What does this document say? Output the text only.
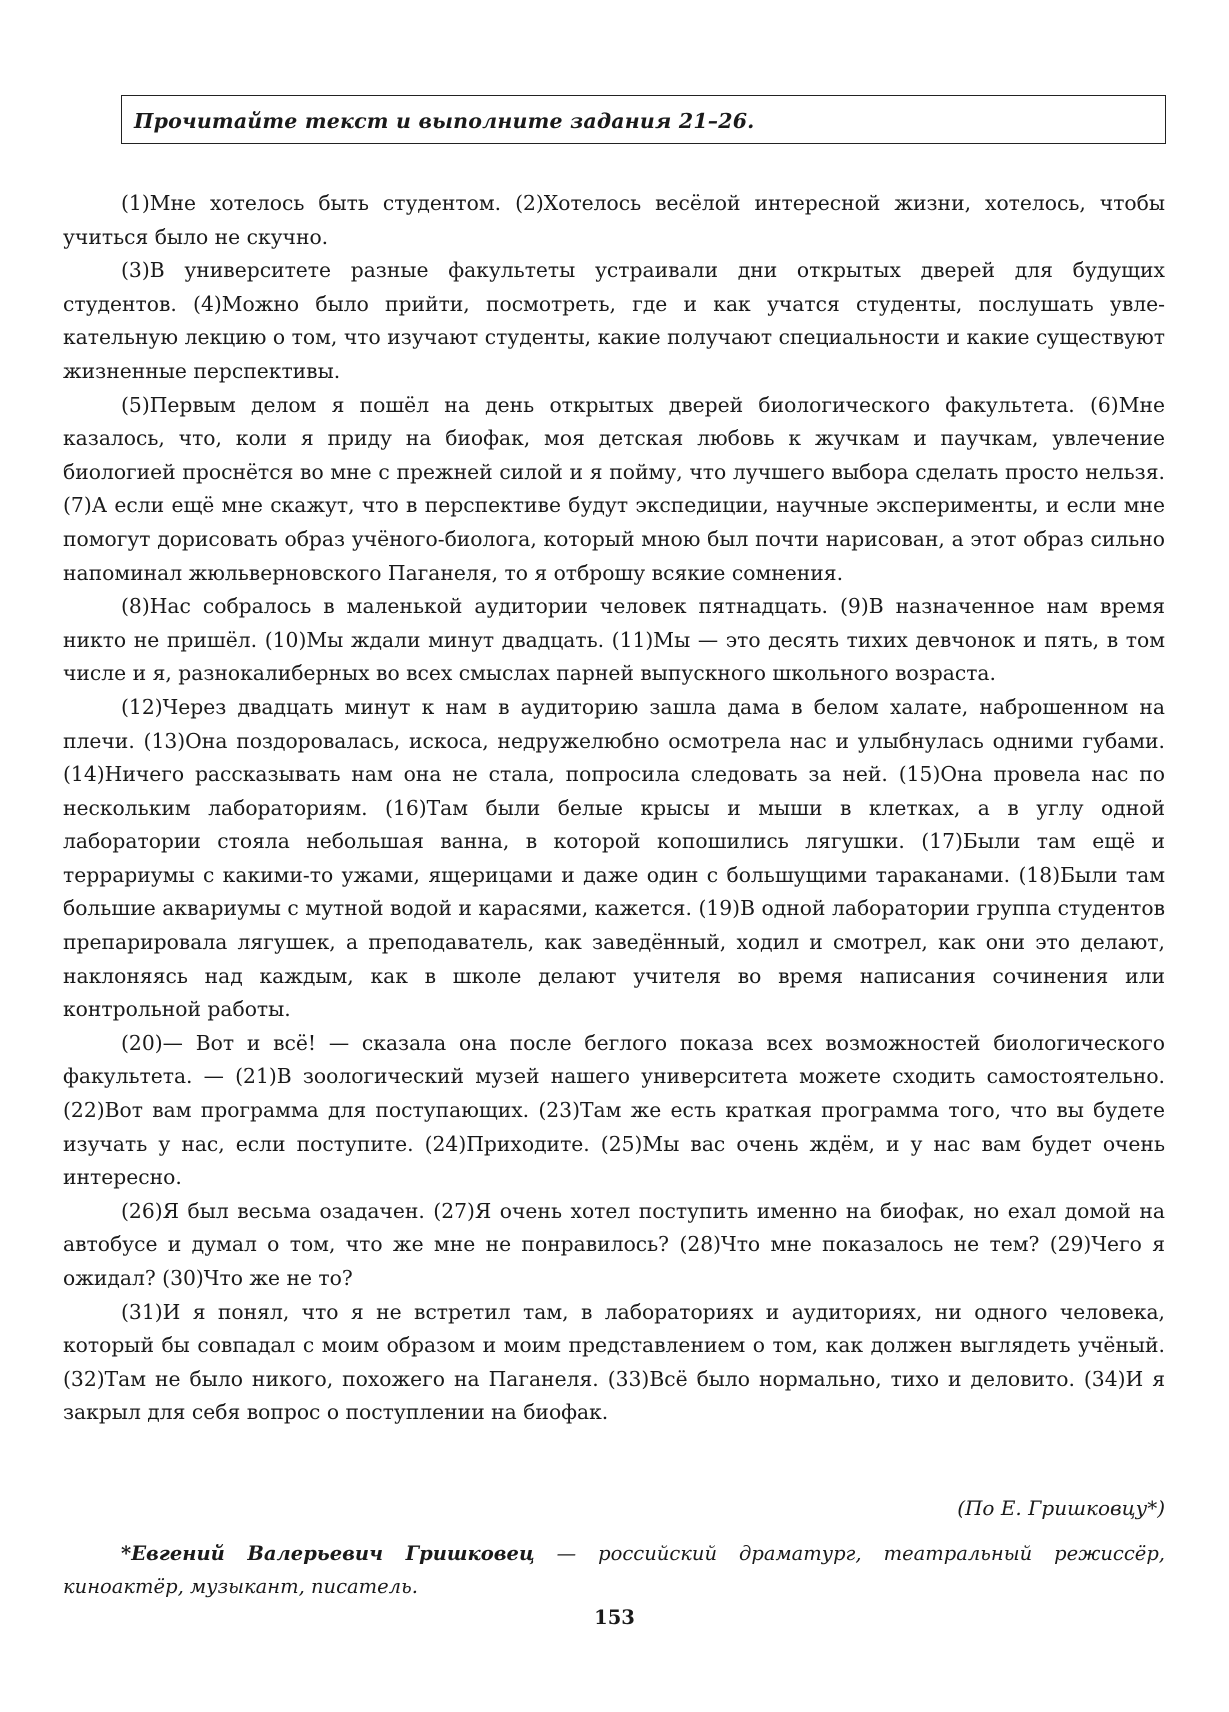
Прочитайте текст и выполните задания 21–26.

(1)Мне хотелось быть студентом. (2)Хотелось весёлой интересной жизни, хотелось, чтобы учиться было не скучно.

(3)В университете разные факультеты устраивали дни открытых дверей для будущих студентов. (4)Можно было прийти, посмотреть, где и как учатся студенты, послушать увлекательную лекцию о том, что изучают студенты, какие получают специальности и какие существуют жизненные перспективы.

(5)Первым делом я пошёл на день открытых дверей биологического факультета. (6)Мне казалось, что, коли я приду на биофак, моя детская любовь к жучкам и паучкам, увлечение биологией проснётся во мне с прежней силой и я пойму, что лучшего выбора сделать просто нельзя. (7)А если ещё мне скажут, что в перспективе будут экспедиции, научные эксперименты, и если мне помогут дорисовать образ учёного-биолога, который мною был почти нарисован, а этот образ сильно напоминал жюльверновского Паганеля, то я отброшу всякие сомнения.

(8)Нас собралось в маленькой аудитории человек пятнадцать. (9)В назначенное нам время никто не пришёл. (10)Мы ждали минут двадцать. (11)Мы — это десять тихих девчонок и пять, в том числе и я, разнокалиберных во всех смыслах парней выпускного школьного возраста.

(12)Через двадцать минут к нам в аудиторию зашла дама в белом халате, наброшенном на плечи. (13)Она поздоровалась, искоса, недружелюбно осмотрела нас и улыбнулась одними губами. (14)Ничего рассказывать нам она не стала, попросила следовать за ней. (15)Она провела нас по нескольким лабораториям. (16)Там были белые крысы и мыши в клетках, а в углу одной лаборатории стояла небольшая ванна, в которой копошились лягушки. (17)Были там ещё и террариумы с какими-то ужами, ящерицами и даже один с большущими тараканами. (18)Были там большие аквариумы с мутной водой и карасями, кажется. (19)В одной лаборатории группа студентов препарировала лягушек, а преподаватель, как заведённый, ходил и смотрел, как они это делают, наклоняясь над каждым, как в школе делают учителя во время написания сочинения или контрольной работы.

(20)— Вот и всё! — сказала она после беглого показа всех возможностей биологического факультета. — (21)В зоологический музей нашего университета можете сходить самостоятельно. (22)Вот вам программа для поступающих. (23)Там же есть краткая программа того, что вы будете изучать у нас, если поступите. (24)Приходите. (25)Мы вас очень ждём, и у нас вам будет очень интересно.

(26)Я был весьма озадачен. (27)Я очень хотел поступить именно на биофак, но ехал домой на автобусе и думал о том, что же мне не понравилось? (28)Что мне показалось не тем? (29)Чего я ожидал? (30)Что же не то?

(31)И я понял, что я не встретил там, в лабораториях и аудиториях, ни одного человека, который бы совпадал с моим образом и моим представлением о том, как должен выглядеть учёный. (32)Там не было никого, похожего на Паганеля. (33)Всё было нормально, тихо и деловито. (34)И я закрыл для себя вопрос о поступлении на биофак.

(По Е. Гришковцу*)
*Евгений Валерьевич Гришковец — российский драматург, театральный режиссёр, киноактёр, музыкант, писатель.
153
